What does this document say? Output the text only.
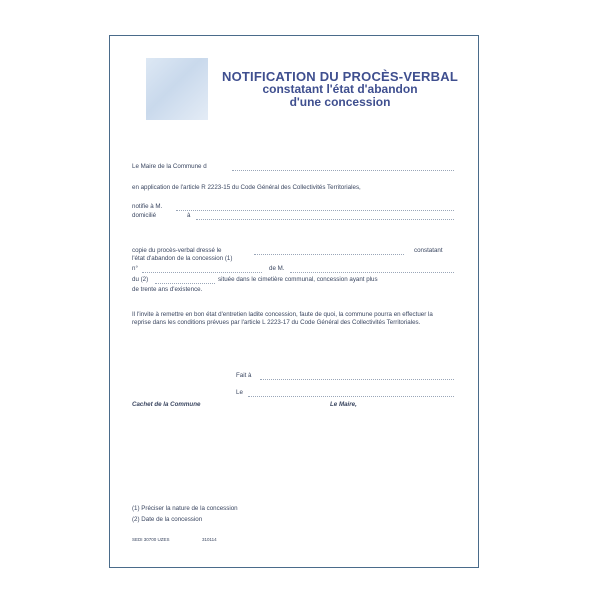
NOTIFICATION DU PROCÈS-VERBAL
constatant l'état d'abandon
d'une concession
Le Maire de la Commune d
en application de l'article R 2223-15 du Code Général des Collectivités Territoriales,
notifie à M.
domicilié	à
copie du procès-verbal dressé le	constatant
l'état d'abandon de la concession (1)
n°	de M.
du (2)	située dans le cimetière communal, concession ayant plus
de trente ans d'existence.
Il l'invite à remettre en bon état d'entretien ladite concession, faute de quoi, la commune pourra en effectuer la reprise dans les conditions prévues par l'article L 2223-17 du Code Général des Collectivités Territoriales.
Fait à
Le
Cachet de la Commune	Le Maire,
(1) Préciser la nature de la concession
(2) Date de la concession
SEDI 30700 UZES	310114
